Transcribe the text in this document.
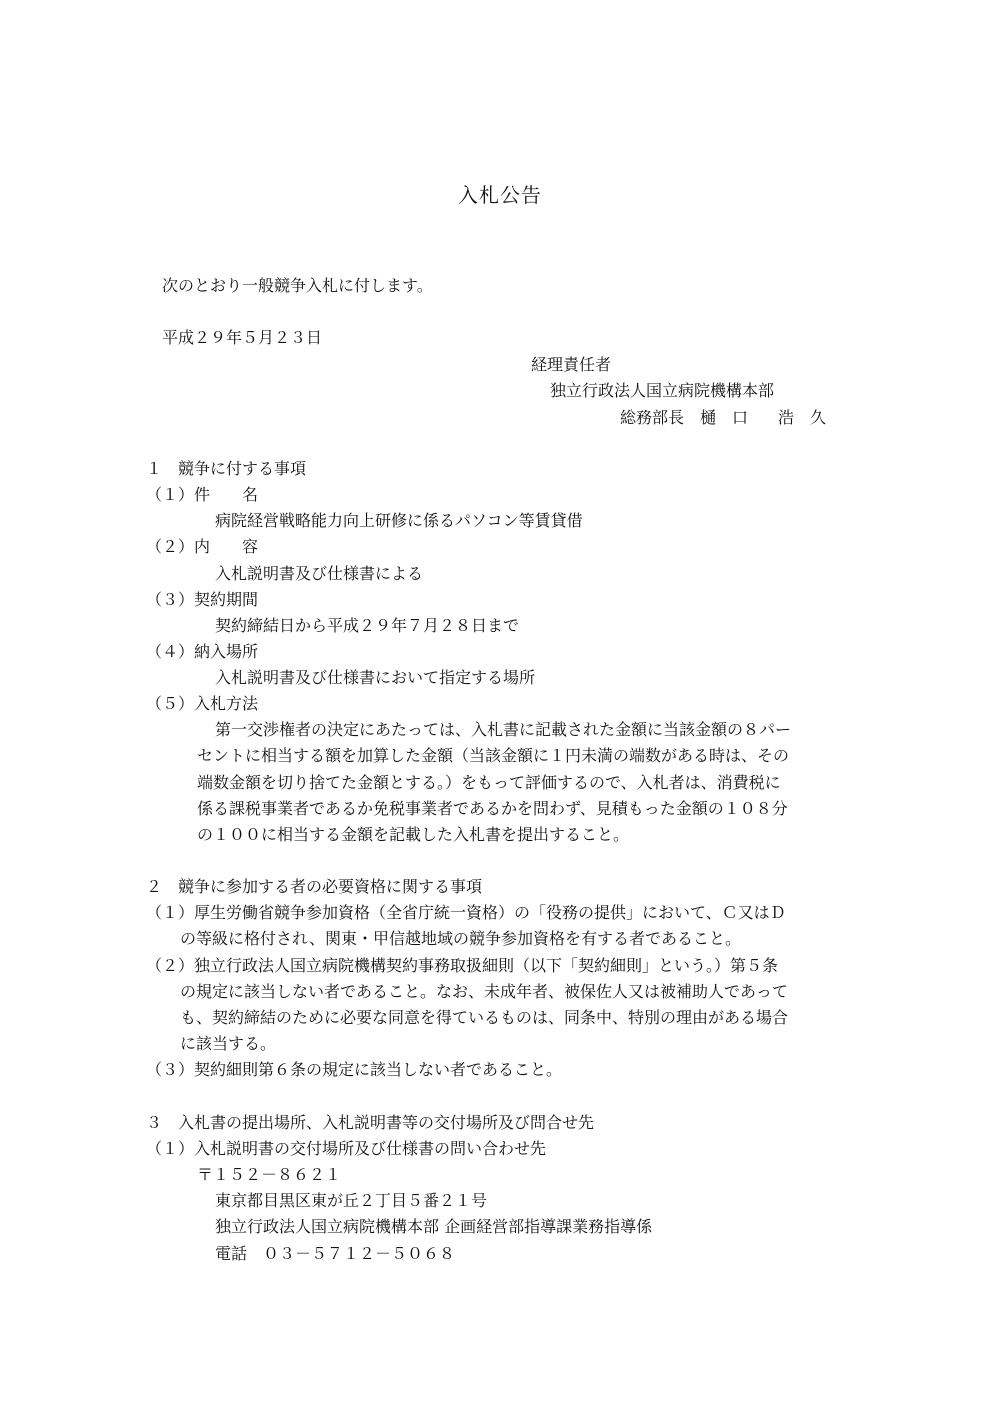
入札公告
次のとおり一般競争入札に付します。
平成２９年５月２３日
経理責任者
独立行政法人国立病院機構本部
総務部長 樋　口 浩　久
１　競争に付する事項
（１）件　　名
病院経営戦略能力向上研修に係るパソコン等賃貸借
（２）内　　容
入札説明書及び仕様書による
（３）契約期間
契約締結日から平成２９年７月２８日まで
（４）納入場所
入札説明書及び仕様書において指定する場所
（５）入札方法
第一交渉権者の決定にあたっては、入札書に記載された金額に当該金額の８パー
セントに相当する額を加算した金額（当該金額に１円未満の端数がある時は、その
端数金額を切り捨てた金額とする。）をもって評価するので、入札者は、消費税に
係る課税事業者であるか免税事業者であるかを問わず、見積もった金額の１０８分
の１００に相当する金額を記載した入札書を提出すること。
２　競争に参加する者の必要資格に関する事項
（１）厚生労働省競争参加資格（全省庁統一資格）の「役務の提供」において、Ｃ又はＤ
の等級に格付され、関東・甲信越地域の競争参加資格を有する者であること。
（２）独立行政法人国立病院機構契約事務取扱細則（以下「契約細則」という。）第５条
の規定に該当しない者であること。なお、未成年者、被保佐人又は被補助人であって
も、契約締結のために必要な同意を得ているものは、同条中、特別の理由がある場合
に該当する。
（３）契約細則第６条の規定に該当しない者であること。
３　入札書の提出場所、入札説明書等の交付場所及び問合せ先
（１）入札説明書の交付場所及び仕様書の問い合わせ先
〒１５２－８６２１
東京都目黒区東が丘２丁目５番２１号
独立行政法人国立病院機構本部 企画経営部指導課業務指導係
電話　０３－５７１２－５０６８
